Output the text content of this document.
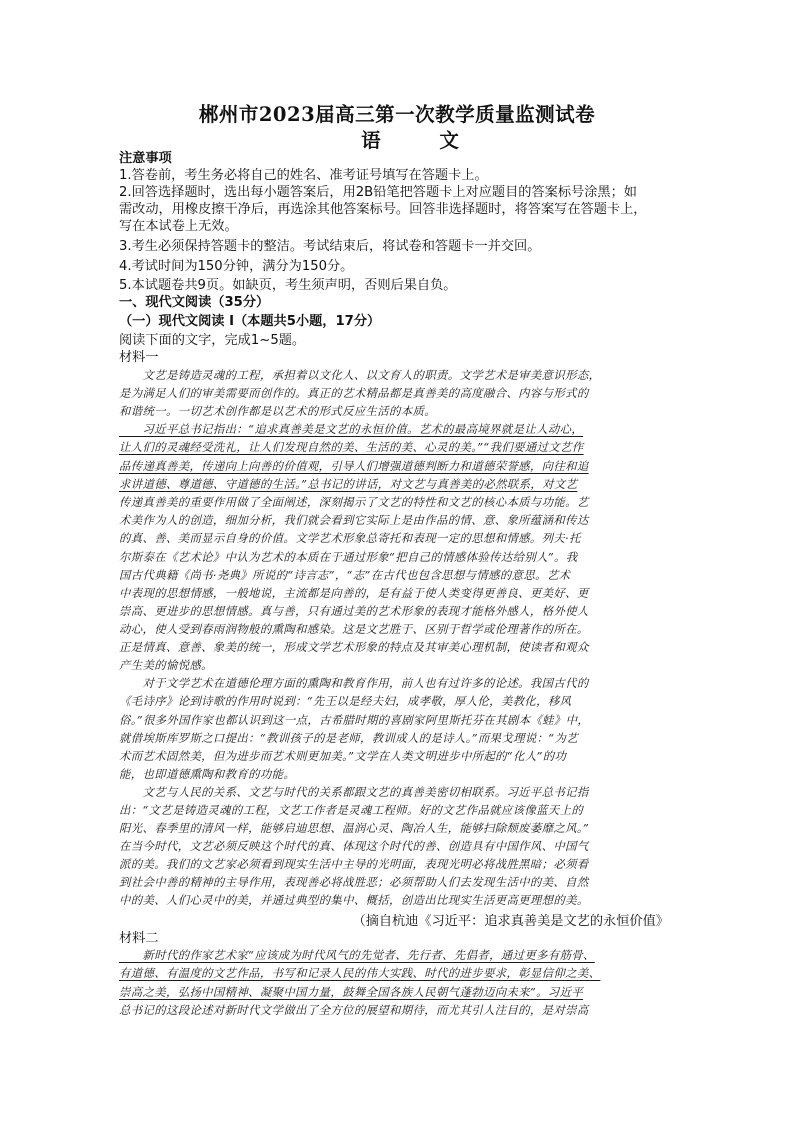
郴州市2023届高三第一次教学质量监测试卷
语 文
注意事项
1.答卷前，考生务必将自己的姓名、准考证号填写在答题卡上。
2.回答选择题时，选出每小题答案后，用2B铅笔把答题卡上对应题目的答案标号涂黑；如
需改动，用橡皮擦干净后，再选涂其他答案标号。回答非选择题时，将答案写在答题卡上，
写在本试卷上无效。
3.考生必须保持答题卡的整洁。考试结束后，将试卷和答题卡一并交回。
4.考试时间为150分钟，满分为150分。
5.本试题卷共9页。如缺页，考生须声明，否则后果自负。
一、现代文阅读（35分）
（一）现代文阅读 I（本题共5小题，17分）
阅读下面的文字，完成1~5题。
材料一
　　文艺是铸造灵魂的工程，承担着以文化人、以文育人的职责。文学艺术是审美意识形态，
是为满足人们的审美需要而创作的。真正的艺术精品都是真善美的高度融合、内容与形式的
和谐统一。一切艺术创作都是以艺术的形式反应生活的本质。
　　习近平总书记指出：“追求真善美是文艺的永恒价值。艺术的最高境界就是让人动心，
让人们的灵魂经受洗礼，让人们发现自然的美、生活的美、心灵的美。”“我们要通过文艺作
品传递真善美，传递向上向善的价值观，引导人们增强道德判断力和道德荣誉感，向往和追
求讲道德、尊道德、守道德的生活。”总书记的讲话，对文艺与真善美的必然联系，对文艺
传递真善美的重要作用做了全面阐述，深刻揭示了文艺的特性和文艺的核心本质与功能。艺
术美作为人的创造，细加分析，我们就会看到它实际上是由作品的情、意、象所蕴涵和传达
的真、善、美而显示自身的价值。文学艺术形象总寄托和表现一定的思想和情感。列夫·托
尔斯泰在《艺术论》中认为艺术的本质在于通过形象“把自己的情感体验传达给别人”。我
国古代典籍《尚书·尧典》所说的“诗言志”，“志”在古代也包含思想与情感的意思。艺术
中表现的思想情感，一般地说，主流都是向善的，是有益于使人类变得更善良、更美好、更
崇高、更进步的思想情感。真与善，只有通过美的艺术形象的表现才能格外感人，格外使人
动心，使人受到春雨润物般的熏陶和感染。这是文艺胜于、区别于哲学或伦理著作的所在。
正是情真、意善、象美的统一，形成文学艺术形象的特点及其审美心理机制，使读者和观众
产生美的愉悦感。
　　对于文学艺术在道德伦理方面的熏陶和教育作用，前人也有过许多的论述。我国古代的
《毛诗序》论到诗歌的作用时说到：“先王以是经夫妇，成孝敬，厚人伦，美教化，移风
俗。”很多外国作家也都认识到这一点，古希腊时期的喜剧家阿里斯托芬在其剧本《蛙》中，
就借埃斯库罗斯之口提出：“教训孩子的是老师，教训成人的是诗人。”而果戈理说：“为艺
术而艺术固然美，但为进步而艺术则更加美。”文学在人类文明进步中所起的“化人”的功
能，也即道德熏陶和教育的功能。
　　文艺与人民的关系、文艺与时代的关系都跟文艺的真善美密切相联系。习近平总书记指
出：“文艺是铸造灵魂的工程，文艺工作者是灵魂工程师。好的文艺作品就应该像蓝天上的
阳光、春季里的清风一样，能够启迪思想、温润心灵、陶冶人生，能够扫除颓废萎靡之风。”
在当今时代，文艺必须反映这个时代的真、体现这个时代的善、创造具有中国作风、中国气
派的美。我们的文艺家必须看到现实生活中主导的光明面，表现光明必将战胜黑暗；必须看
到社会中善的精神的主导作用，表现善必将战胜恶；必须帮助人们去发现生活中的美、自然
中的美、人们心灵中的美，并通过典型的集中、概括，创造出比现实生活更高更理想的美。
（摘自杭迪《习近平：追求真善美是文艺的永恒价值》
材料二
　　新时代的作家艺术家“应该成为时代风气的先觉者、先行者、先倡者，通过更多有筋骨、
有道德、有温度的文艺作品，书写和记录人民的伟大实践、时代的进步要求，彰显信仰之美、
崇高之美，弘扬中国精神、凝聚中国力量，鼓舞全国各族人民朝气蓬勃迈向未来”。习近平
总书记的这段论述对新时代文学做出了全方位的展望和期待，而尤其引人注目的，是对崇高
